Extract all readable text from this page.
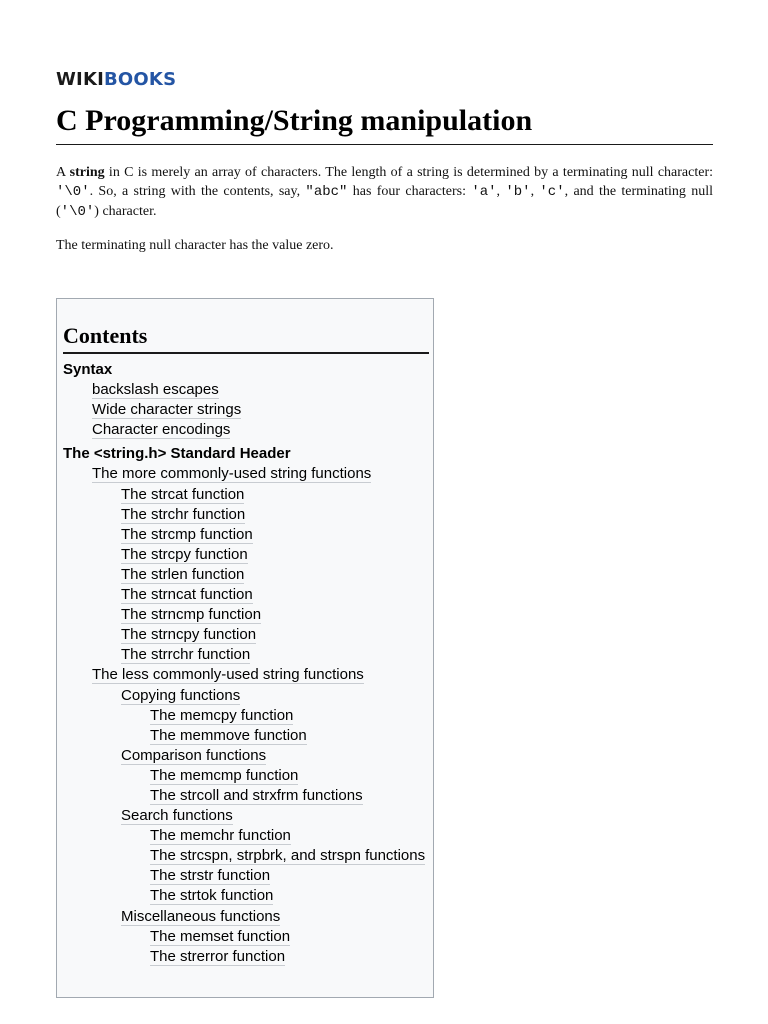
WIKIBOOKS
C Programming/String manipulation

A string in C is merely an array of characters. The length of a string is determined by a terminating null character: '\0'. So, a string with the contents, say, "abc" has four characters: 'a', 'b', 'c', and the terminating null ('\0') character.

The terminating null character has the value zero.

Contents
Syntax
backslash escapes
Wide character strings
Character encodings
The <string.h> Standard Header
The more commonly-used string functions
The strcat function
The strchr function
The strcmp function
The strcpy function
The strlen function
The strncat function
The strncmp function
The strncpy function
The strrchr function
The less commonly-used string functions
Copying functions
The memcpy function
The memmove function
Comparison functions
The memcmp function
The strcoll and strxfrm functions
Search functions
The memchr function
The strcspn, strpbrk, and strspn functions
The strstr function
The strtok function
Miscellaneous functions
The memset function
The strerror function
